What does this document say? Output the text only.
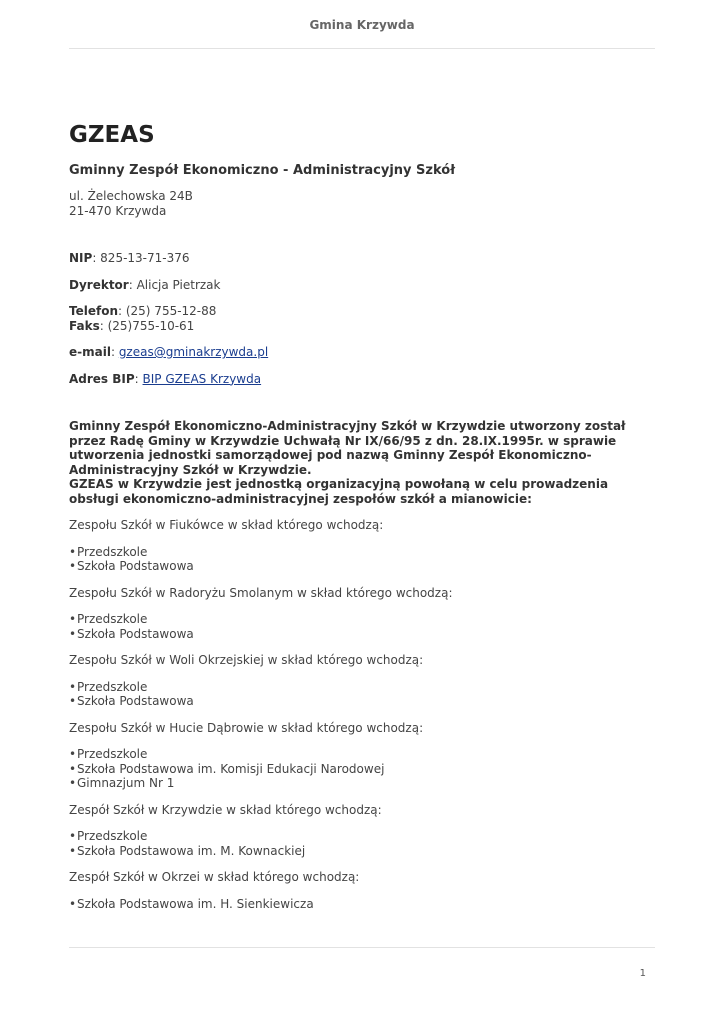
Gmina Krzywda
GZEAS
Gminny Zespół Ekonomiczno - Administracyjny Szkół

ul. Żelechowska 24B

21-470 Krzywda

NIP: 825-13-71-376

Dyrektor: Alicja Pietrzak

Telefon: (25) 755-12-88

Faks: (25)755-10-61

e-mail: gzeas@gminakrzywda.pl

Adres BIP: BIP GZEAS Krzywda

Gminny Zespół Ekonomiczno-Administracyjny Szkół w Krzywdzie utworzony został przez Radę Gminy w Krzywdzie Uchwałą Nr IX/66/95 z dn. 28.IX.1995r. w sprawie utworzenia jednostki samorządowej pod nazwą Gminny Zespół Ekonomiczno-Administracyjny Szkół w Krzywdzie.

GZEAS w Krzywdzie jest jednostką organizacyjną powołaną w celu prowadzenia obsługi ekonomiczno-administracyjnej zespołów szkół a mianowicie:

Zespołu Szkół w Fiukówce w skład którego wchodzą:

• Przedszkole
• Szkoła Podstawowa

Zespołu Szkół w Radoryżu Smolanym w skład którego wchodzą:

• Przedszkole
• Szkoła Podstawowa

Zespołu Szkół w Woli Okrzejskiej w skład którego wchodzą:

• Przedszkole
• Szkoła Podstawowa

Zespołu Szkół w Hucie Dąbrowie w skład którego wchodzą:

• Przedszkole
• Szkoła Podstawowa im. Komisji Edukacji Narodowej
• Gimnazjum Nr 1

Zespół Szkół w Krzywdzie w skład którego wchodzą:

• Przedszkole
• Szkoła Podstawowa im. M. Kownackiej

Zespół Szkół w Okrzei w skład którego wchodzą:

• Szkoła Podstawowa im. H. Sienkiewicza
1
